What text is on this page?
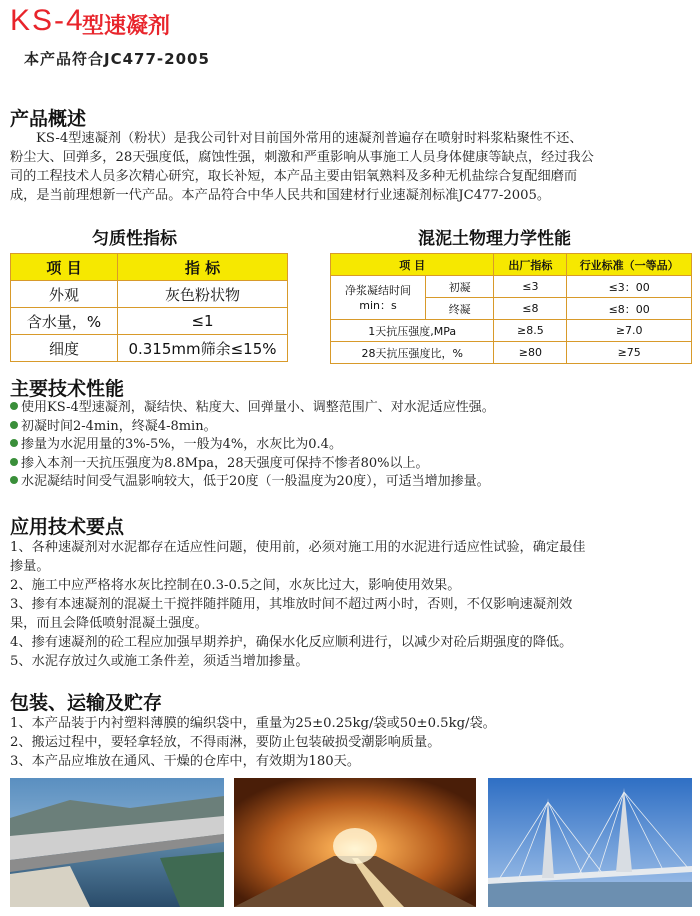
KS-4
型速凝剂
本产品符合JC477-2005
产品概述

KS-4型速凝剂（粉状）是我公司针对目前国外常用的速凝剂普遍存在喷射时料浆粘聚性不还、

粉尘大、回弹多，28天强度低，腐蚀性强，刺激和严重影响从事施工人员身体健康等缺点，经过我公

司的工程技术人员多次精心研究，取长补短，本产品主要由铝氧熟料及多种无机盐综合复配细磨而

成，是当前理想新一代产品。本产品符合中华人民共和国建材行业速凝剂标准JC477-2005。

匀质性指标
项 目	指 标
外观	灰色粉状物
含水量，%	≤1
细度	0.315mm筛余≤15%
混泥土物理力学性能
项 目		出厂指标	行业标准（一等品）
净浆凝结时间 min：s	初凝	≤3	≤3：00
	终凝	≤8	≤8：00
1天抗压强度,MPa		≥8.5	≥7.0
28天抗压强度比，%		≥80	≥75
主要技术性能
使用KS-4型速凝剂，凝结快、粘度大、回弹量小、调整范围广、对水泥适应性强。
初凝时间2-4min，终凝4-8min。
掺量为水泥用量的3%-5%，一般为4%，水灰比为0.4。
掺入本剂一天抗压强度为8.8Mpa，28天强度可保持不惨者80%以上。
水泥凝结时间受气温影响较大，低于20度（一般温度为20度），可适当增加掺量。
应用技术要点

1、各种速凝剂对水泥都存在适应性问题，使用前，必须对施工用的水泥进行适应性试验，确定最佳

掺量。

2、施工中应严格将水灰比控制在0.3-0.5之间，水灰比过大，影响使用效果。

3、掺有本速凝剂的混凝土干搅拌随拌随用，其堆放时间不超过两小时，否则，不仅影响速凝剂效

果，而且会降低喷射混凝土强度。

4、掺有速凝剂的砼工程应加强早期养护，确保水化反应顺利进行，以减少对砼后期强度的降低。

5、水泥存放过久或施工条件差，须适当增加掺量。

包装、运输及贮存

1、本产品装于内衬塑料薄膜的编织袋中，重量为25±0.25kg/袋或50±0.5kg/袋。

2、搬运过程中，要轻拿轻放，不得雨淋，要防止包装破损受潮影响质量。

3、本产品应堆放在通风、干燥的仓库中，有效期为180天。
